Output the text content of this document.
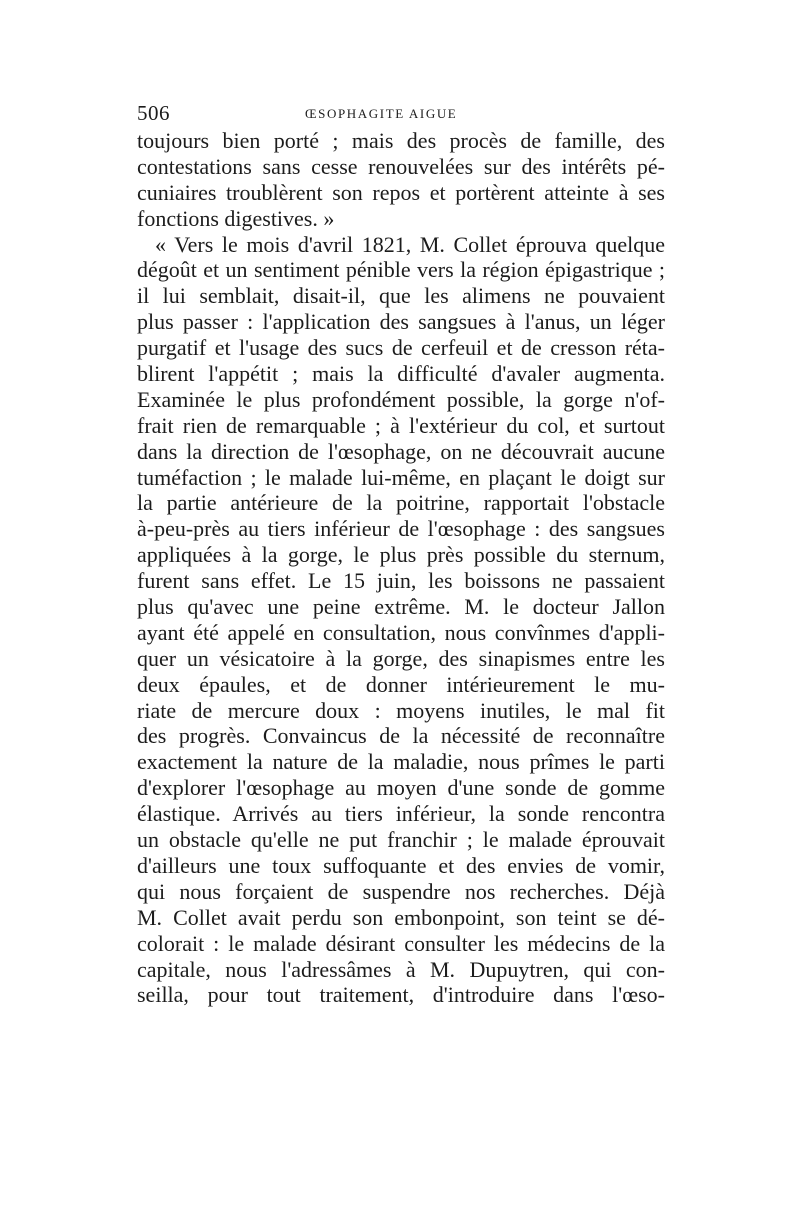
506	ŒSOPHAGITE AIGUE
toujours bien porté ; mais des procès de famille, des
contestations sans cesse renouvelées sur des intérêts pé-
cuniaires troublèrent son repos et portèrent atteinte à ses
fonctions digestives. »
« Vers le mois d'avril 1821, M. Collet éprouva quelque
dégoût et un sentiment pénible vers la région épigastrique ;
il lui semblait, disait-il, que les alimens ne pouvaient
plus passer : l'application des sangsues à l'anus, un léger
purgatif et l'usage des sucs de cerfeuil et de cresson réta-
blirent l'appétit ; mais la difficulté d'avaler augmenta.
Examinée le plus profondément possible, la gorge n'of-
frait rien de remarquable ; à l'extérieur du col, et surtout
dans la direction de l'œsophage, on ne découvrait aucune
tuméfaction ; le malade lui-même, en plaçant le doigt sur
la partie antérieure de la poitrine, rapportait l'obstacle
à-peu-près au tiers inférieur de l'œsophage : des sangsues
appliquées à la gorge, le plus près possible du sternum,
furent sans effet. Le 15 juin, les boissons ne passaient
plus qu'avec une peine extrême. M. le docteur Jallon
ayant été appelé en consultation, nous convînmes d'appli-
quer un vésicatoire à la gorge, des sinapismes entre les
deux épaules, et de donner intérieurement le mu-
riate de mercure doux : moyens inutiles, le mal fit
des progrès. Convaincus de la nécessité de reconnaître
exactement la nature de la maladie, nous prîmes le parti
d'explorer l'œsophage au moyen d'une sonde de gomme
élastique. Arrivés au tiers inférieur, la sonde rencontra
un obstacle qu'elle ne put franchir ; le malade éprouvait
d'ailleurs une toux suffoquante et des envies de vomir,
qui nous forçaient de suspendre nos recherches. Déjà
M. Collet avait perdu son embonpoint, son teint se dé-
colorait : le malade désirant consulter les médecins de la
capitale, nous l'adressâmes à M. Dupuytren, qui con-
seilla, pour tout traitement, d'introduire dans l'œso-
